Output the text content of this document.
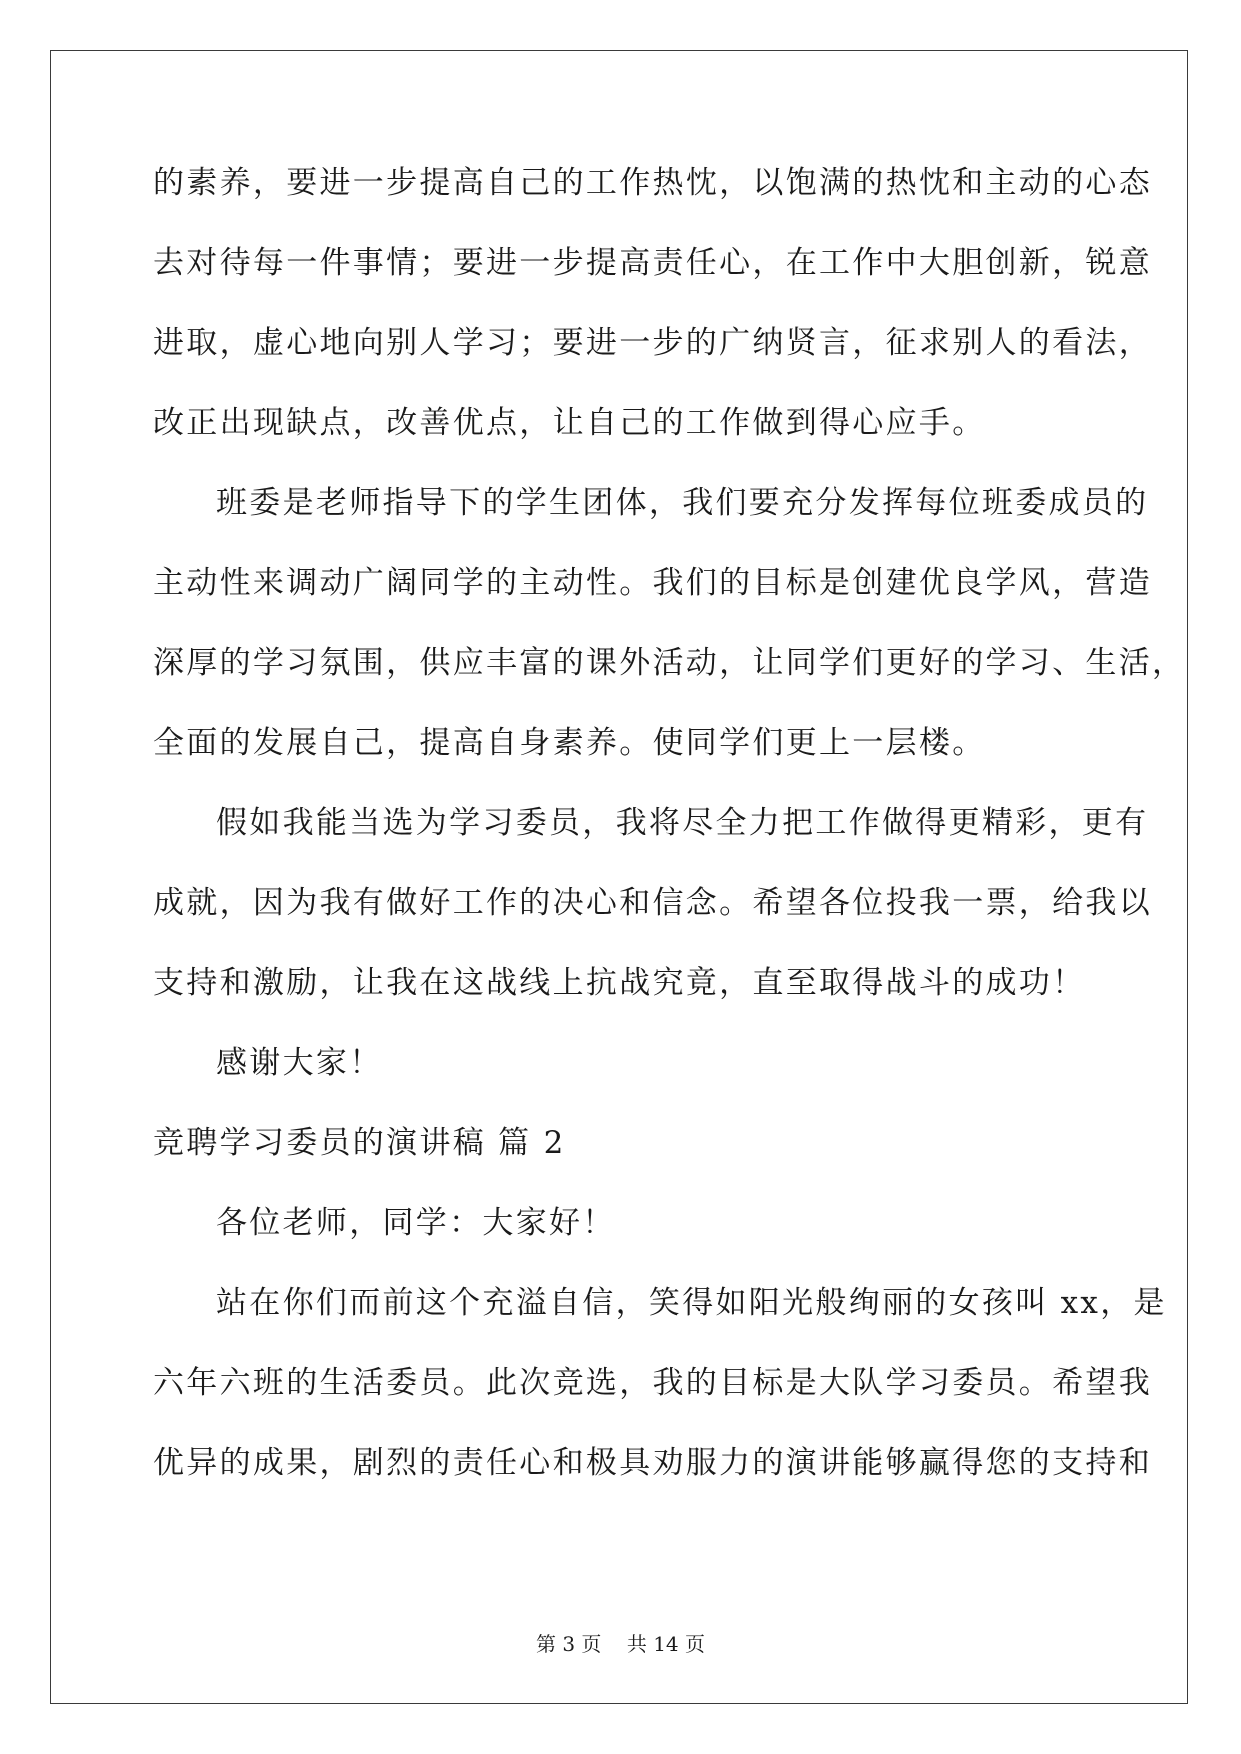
的素养，要进一步提高自己的工作热忱，以饱满的热忱和主动的心态
去对待每一件事情；要进一步提高责任心，在工作中大胆创新，锐意
进取，虚心地向别人学习；要进一步的广纳贤言，征求别人的看法，
改正出现缺点，改善优点，让自己的工作做到得心应手。
班委是老师指导下的学生团体，我们要充分发挥每位班委成员的
主动性来调动广阔同学的主动性。我们的目标是创建优良学风，营造
深厚的学习氛围，供应丰富的课外活动，让同学们更好的学习、生活，
全面的发展自己，提高自身素养。使同学们更上一层楼。
假如我能当选为学习委员，我将尽全力把工作做得更精彩，更有
成就，因为我有做好工作的决心和信念。希望各位投我一票，给我以
支持和激励，让我在这战线上抗战究竟，直至取得战斗的成功！
感谢大家！
竞聘学习委员的演讲稿 篇 2
各位老师，同学：大家好！
站在你们而前这个充溢自信，笑得如阳光般绚丽的女孩叫 xx，是
六年六班的生活委员。此次竞选，我的目标是大队学习委员。希望我
优异的成果，剧烈的责任心和极具劝服力的演讲能够赢得您的支持和
第 3 页    共 14 页
